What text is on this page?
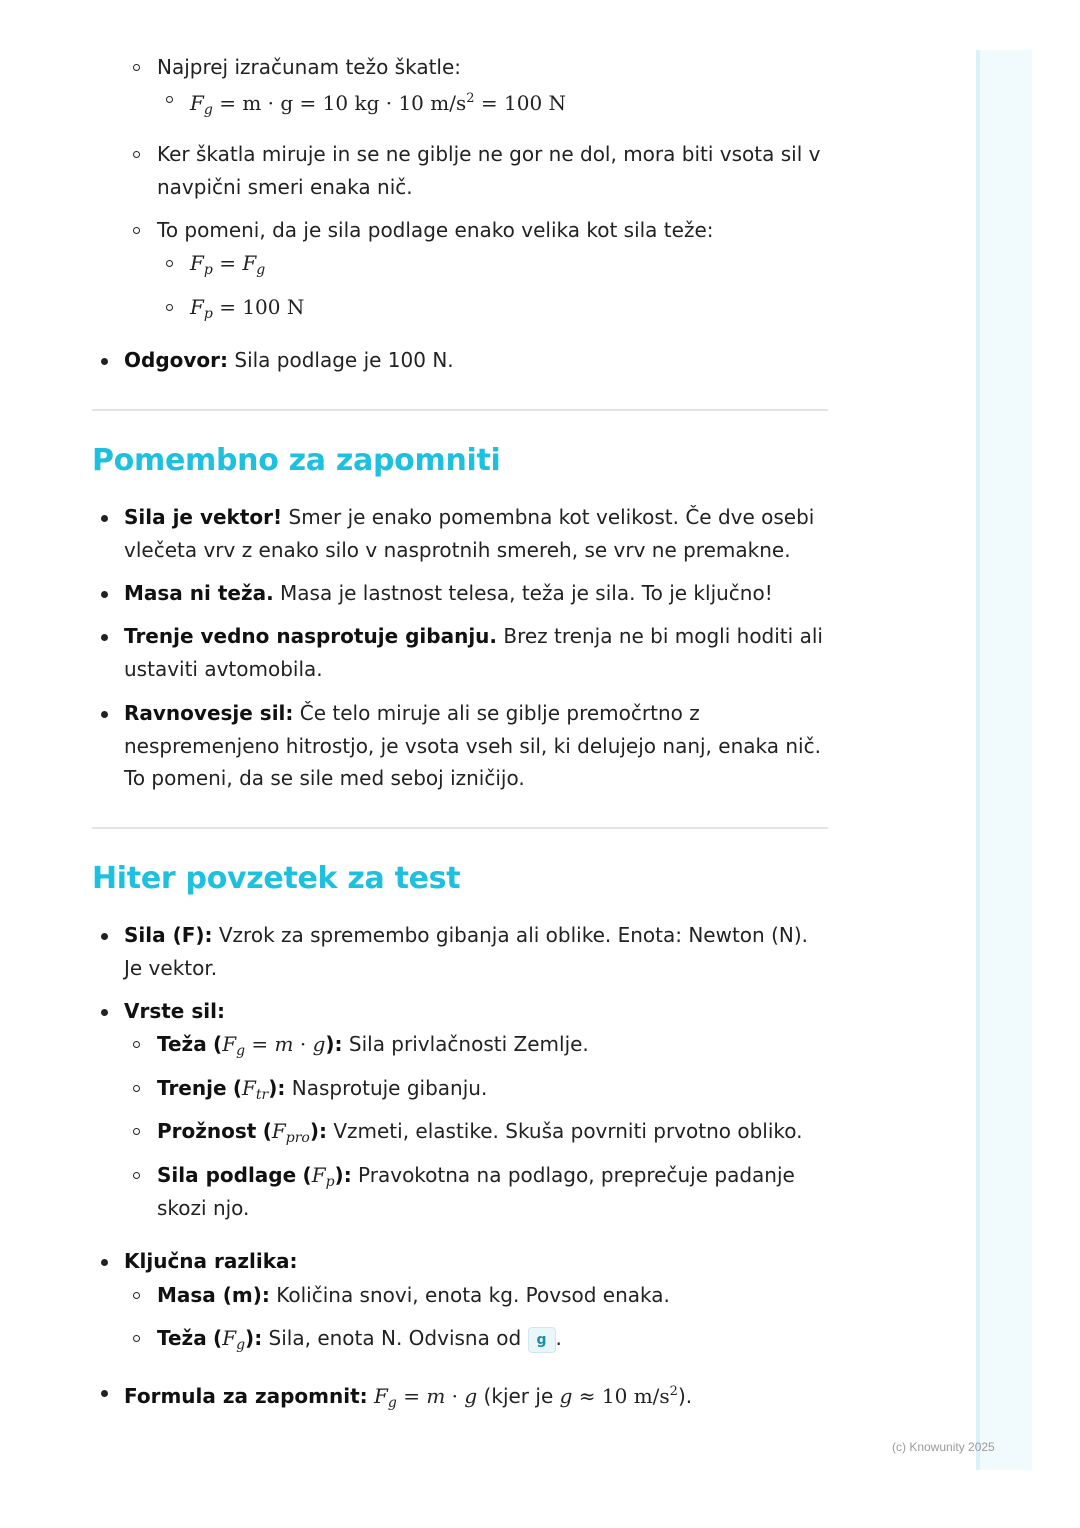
Najprej izračunam težo škatle:
$F_g = m \cdot g = 10$ kg · 10 $m/s^2 = 100$ N
Ker škatla miruje in se ne giblje ne gor ne dol, mora biti vsota sil v
navpični smeri enaka nič.
To pomeni, da je sila podlage enako velika kot sila teže:
$F_p = F_g$
$F_p = 100$ N
Odgovor: Sila podlage je 100 N.
Pomembno za zapomniti
Sila je vektor! Smer je enako pomembna kot velikost. Če dve osebi
vlečeta vrv z enako silo v nasprotnih smereh, se vrv ne premakne.
Masa ni teža. Masa je lastnost telesa, teža je sila. To je ključno!
Trenje vedno nasprotuje gibanju. Brez trenja ne bi mogli hoditi ali
ustaviti avtomobila.
Ravnovesje sil: Če telo miruje ali se giblje premočrtno z
nespremenjeno hitrostjo, je vsota vseh sil, ki delujejo nanj, enaka nič.
To pomeni, da se sile med seboj izničijo.
Hiter povzetek za test
Sila (F): Vzrok za spremembo gibanja ali oblike. Enota: Newton (N).
Je vektor.
Vrste sil:
Teža $(F_g = m \cdot g)$: Sila privlačnosti Zemlje.
Trenje $(F_{tr})$: Nasprotuje gibanju.
Prožnost $(F_{pro})$: Vzmeti, elastike. Skuša povrniti prvotno obliko.
Sila podlage $(F_p)$: Pravokotna na podlago, preprečuje padanje
skozi njo.
Ključna razlika:
Masa (m): Količina snovi, enota kg. Povsod enaka.
Teža $(F_g)$: Sila, enota N. Odvisna od g .
Formula za zapomnit: $F_g = m \cdot g$ (kjer je g ≈ 10 $m/s^2$).
(c) Knowunity 2025
